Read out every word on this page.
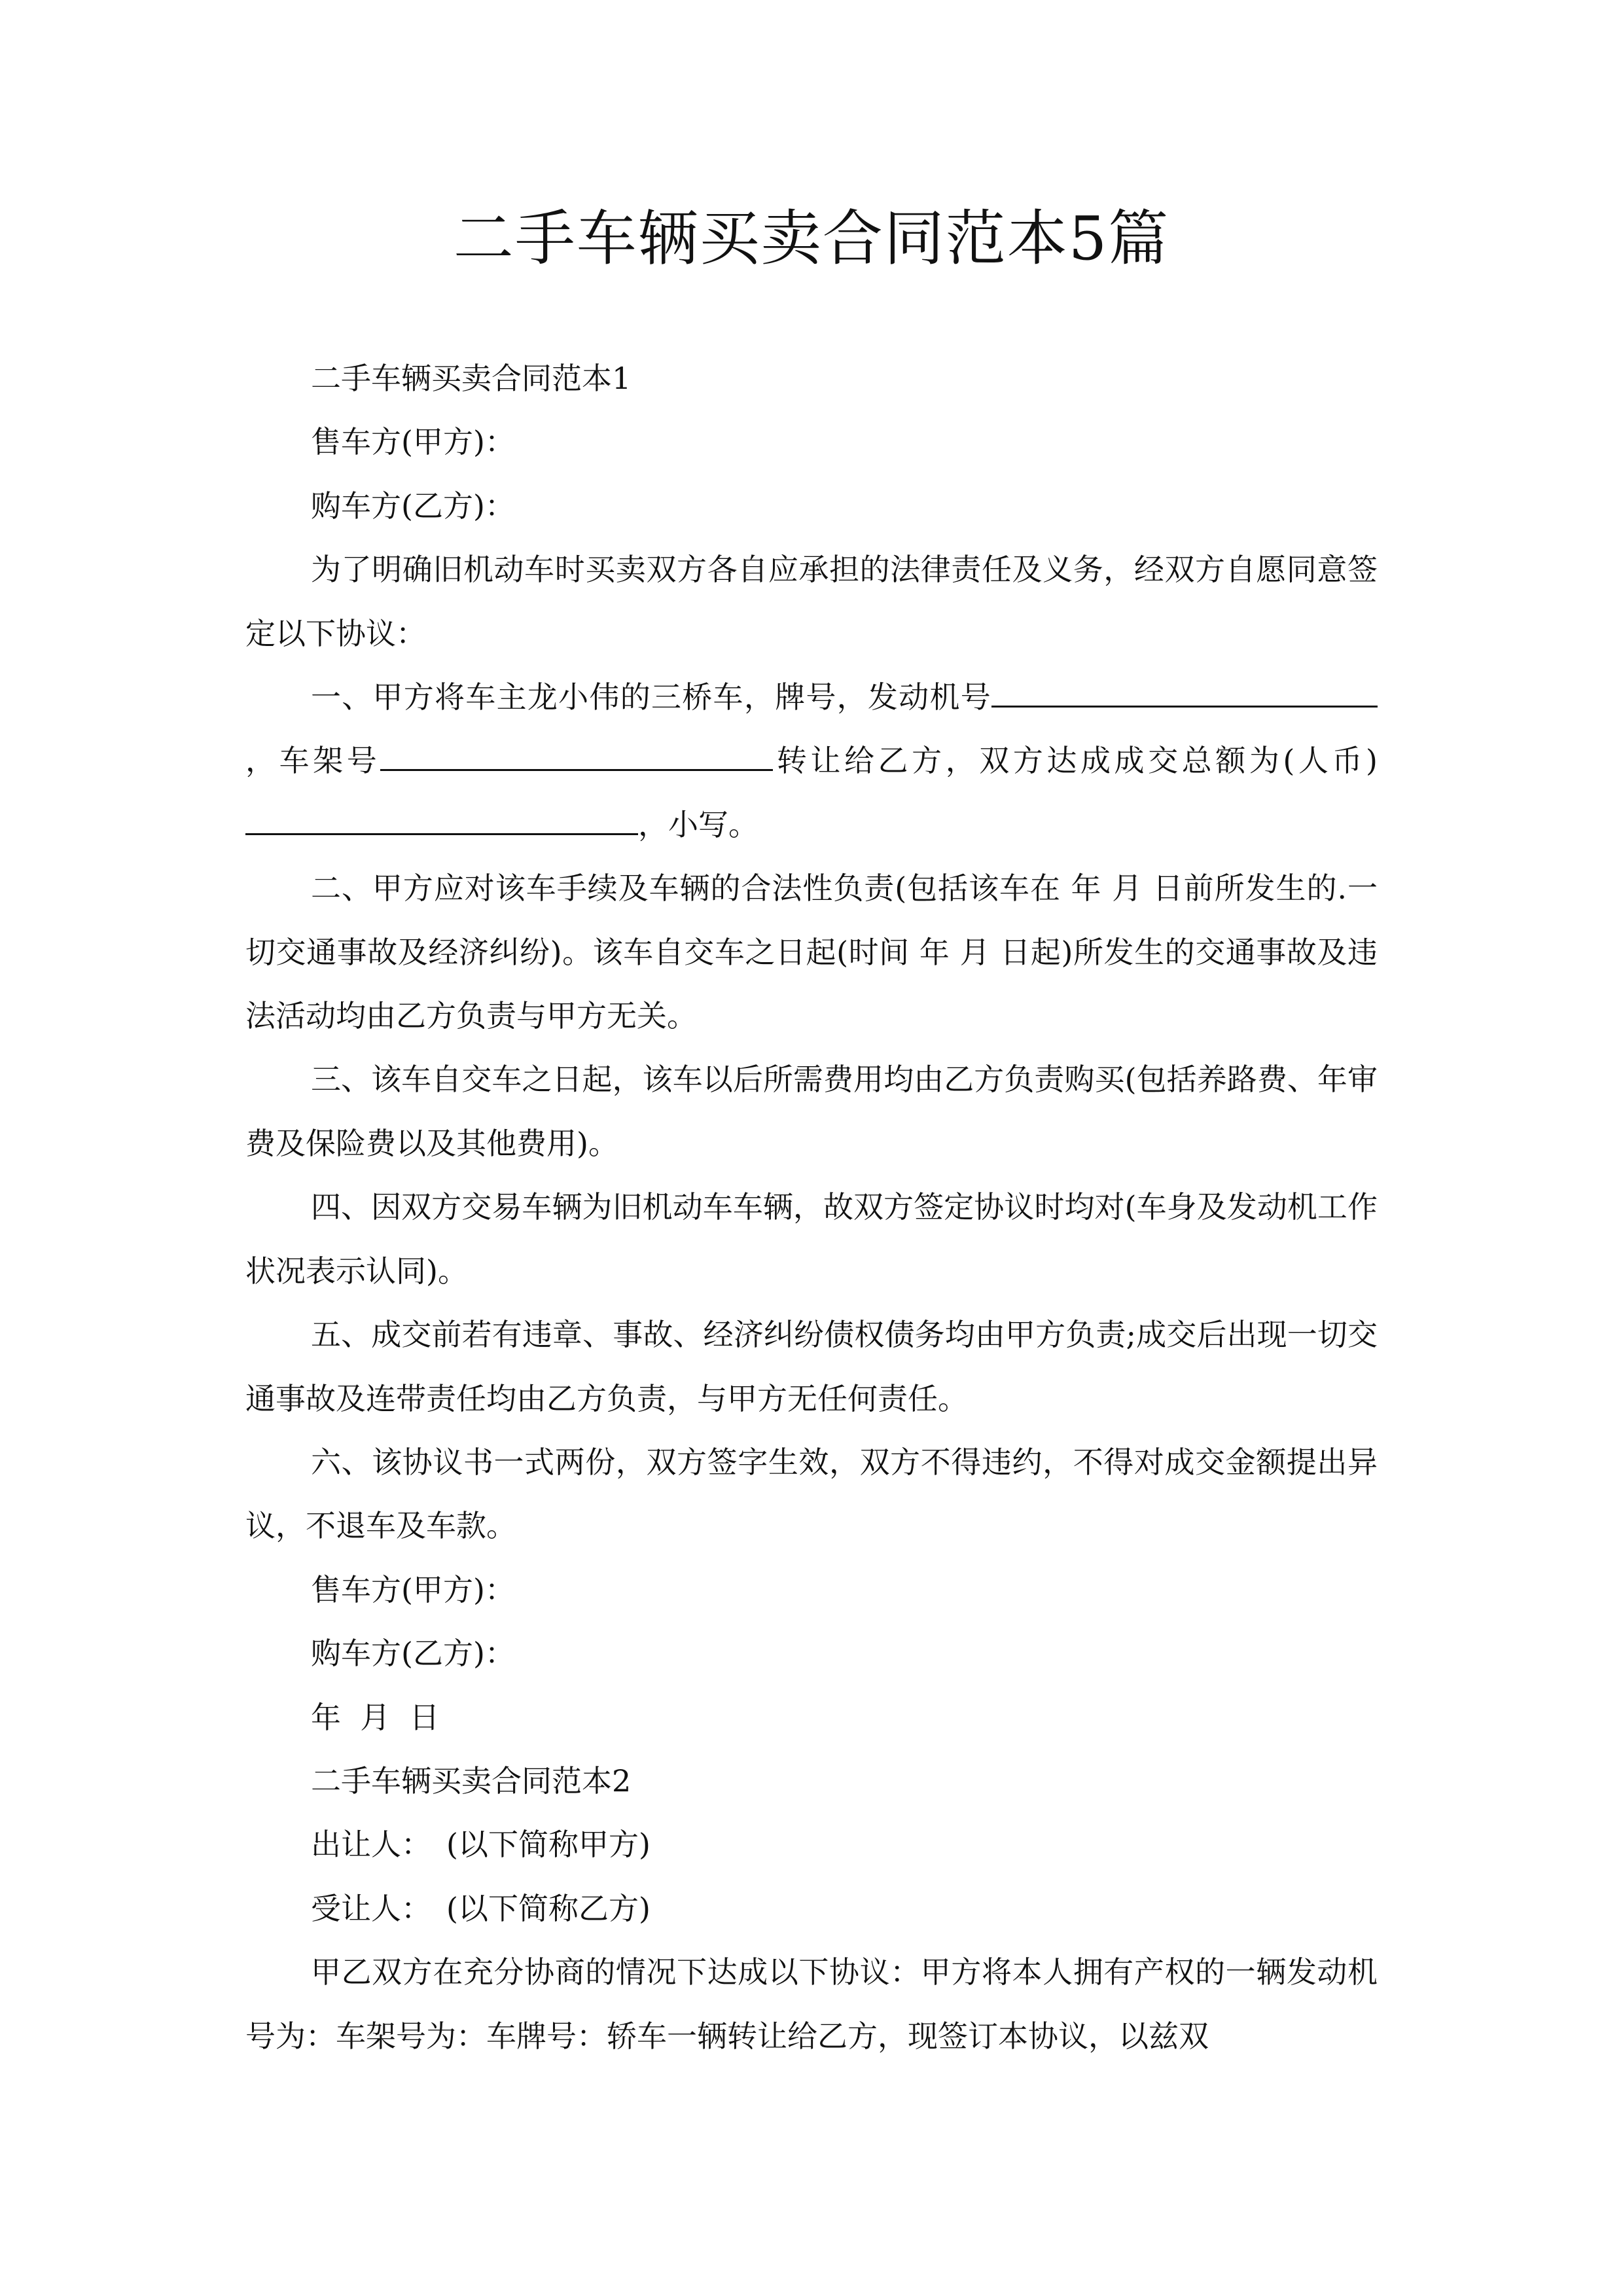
二手车辆买卖合同范本5篇

二手车辆买卖合同范本1

售车方(甲方)：

购车方(乙方)：

为了明确旧机动车时买卖双方各自应承担的法律责任及义务，经双方自愿同意签定以下协议：

一、甲方将车主龙小伟的三桥车，牌号，发动机号，车架号	转让给乙方，双方达成成交总额为(人币)，小写。

二、甲方应对该车手续及车辆的合法性负责(包括该车在 年 月 日前所发生的.一切交通事故及经济纠纷)。该车自交车之日起(时间 年 月 日起)所发生的交通事故及违法活动均由乙方负责与甲方无关。

三、该车自交车之日起，该车以后所需费用均由乙方负责购买(包括养路费、年审费及保险费以及其他费用)。

四、因双方交易车辆为旧机动车车辆，故双方签定协议时均对(车身及发动机工作状况表示认同)。

五、成交前若有违章、事故、经济纠纷债权债务均由甲方负责;成交后出现一切交通事故及连带责任均由乙方负责，与甲方无任何责任。

六、该协议书一式两份，双方签字生效，双方不得违约，不得对成交金额提出异议，不退车及车款。

售车方(甲方)：

购车方(乙方)：

年  月  日

二手车辆买卖合同范本2

出让人：　(以下简称甲方)

受让人：　(以下简称乙方)

甲乙双方在充分协商的情况下达成以下协议：甲方将本人拥有产权的一辆发动机号为：车架号为：车牌号：轿车一辆转让给乙方，现签订本协议，以兹双
